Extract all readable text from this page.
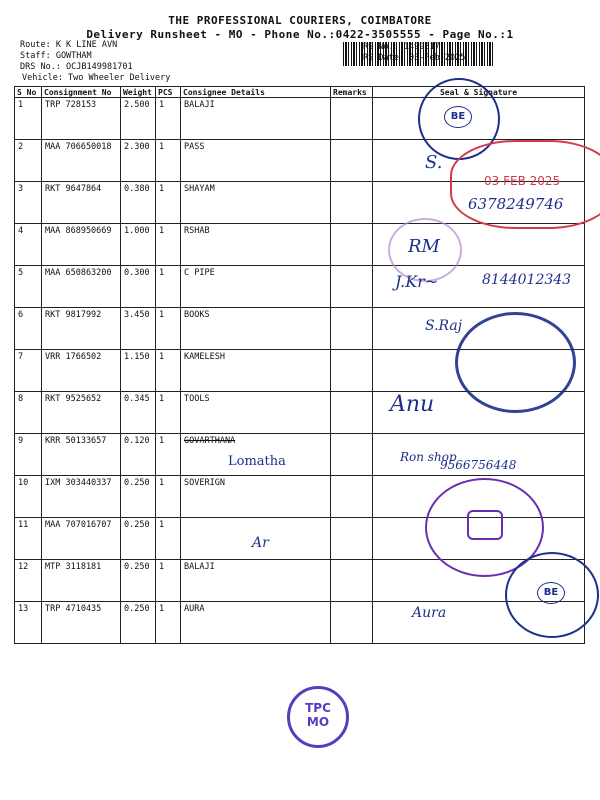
THE PROFESSIONAL COURIERS, COIMBATORE
Delivery Runsheet - MO - Phone No.:0422-3505555 - Page No.:1
Route: K K LINE AVN
Staff: GOWTHAM
DRS No.: OCJB149981701
Vehicle: Two Wheeler Delivery
RS No.: 1499817
RS Date: 03-Feb-2025
S No	Consignment No	Weight	PCS	Consignee Details	Remarks	Seal & Signature
1	TRP 728153	2.500	1	BALAJI		
2	MAA 706650018	2.300	1	PASS		
3	RKT 9647864	0.380	1	SHAYAM		
4	MAA 868950669	1.000	1	RSHAB		
5	MAA 650863200	0.300	1	C PIPE		
6	RKT 9817992	3.450	1	BOOKS		
7	VRR 1766502	1.150	1	KAMELESH		
8	RKT 9525652	0.345	1	TOOLS		
9	KRR 50133657	0.120	1	GOVARTHANA		
10	IXM 303440337	0.250	1	SOVERIGN		
11	MAA 707016707	0.250	1			
12	MTP 3118181	0.250	1	BALAJI		
13	TRP 4710435	0.250	1	AURA		
BE
S.
03 FEB 2025
6378249746
RM
J.Kr~	8144012343
S.Raj
Anu
Lomatha	Ron shop
9566756448
Ar
BE
Aura
TPC
MO
